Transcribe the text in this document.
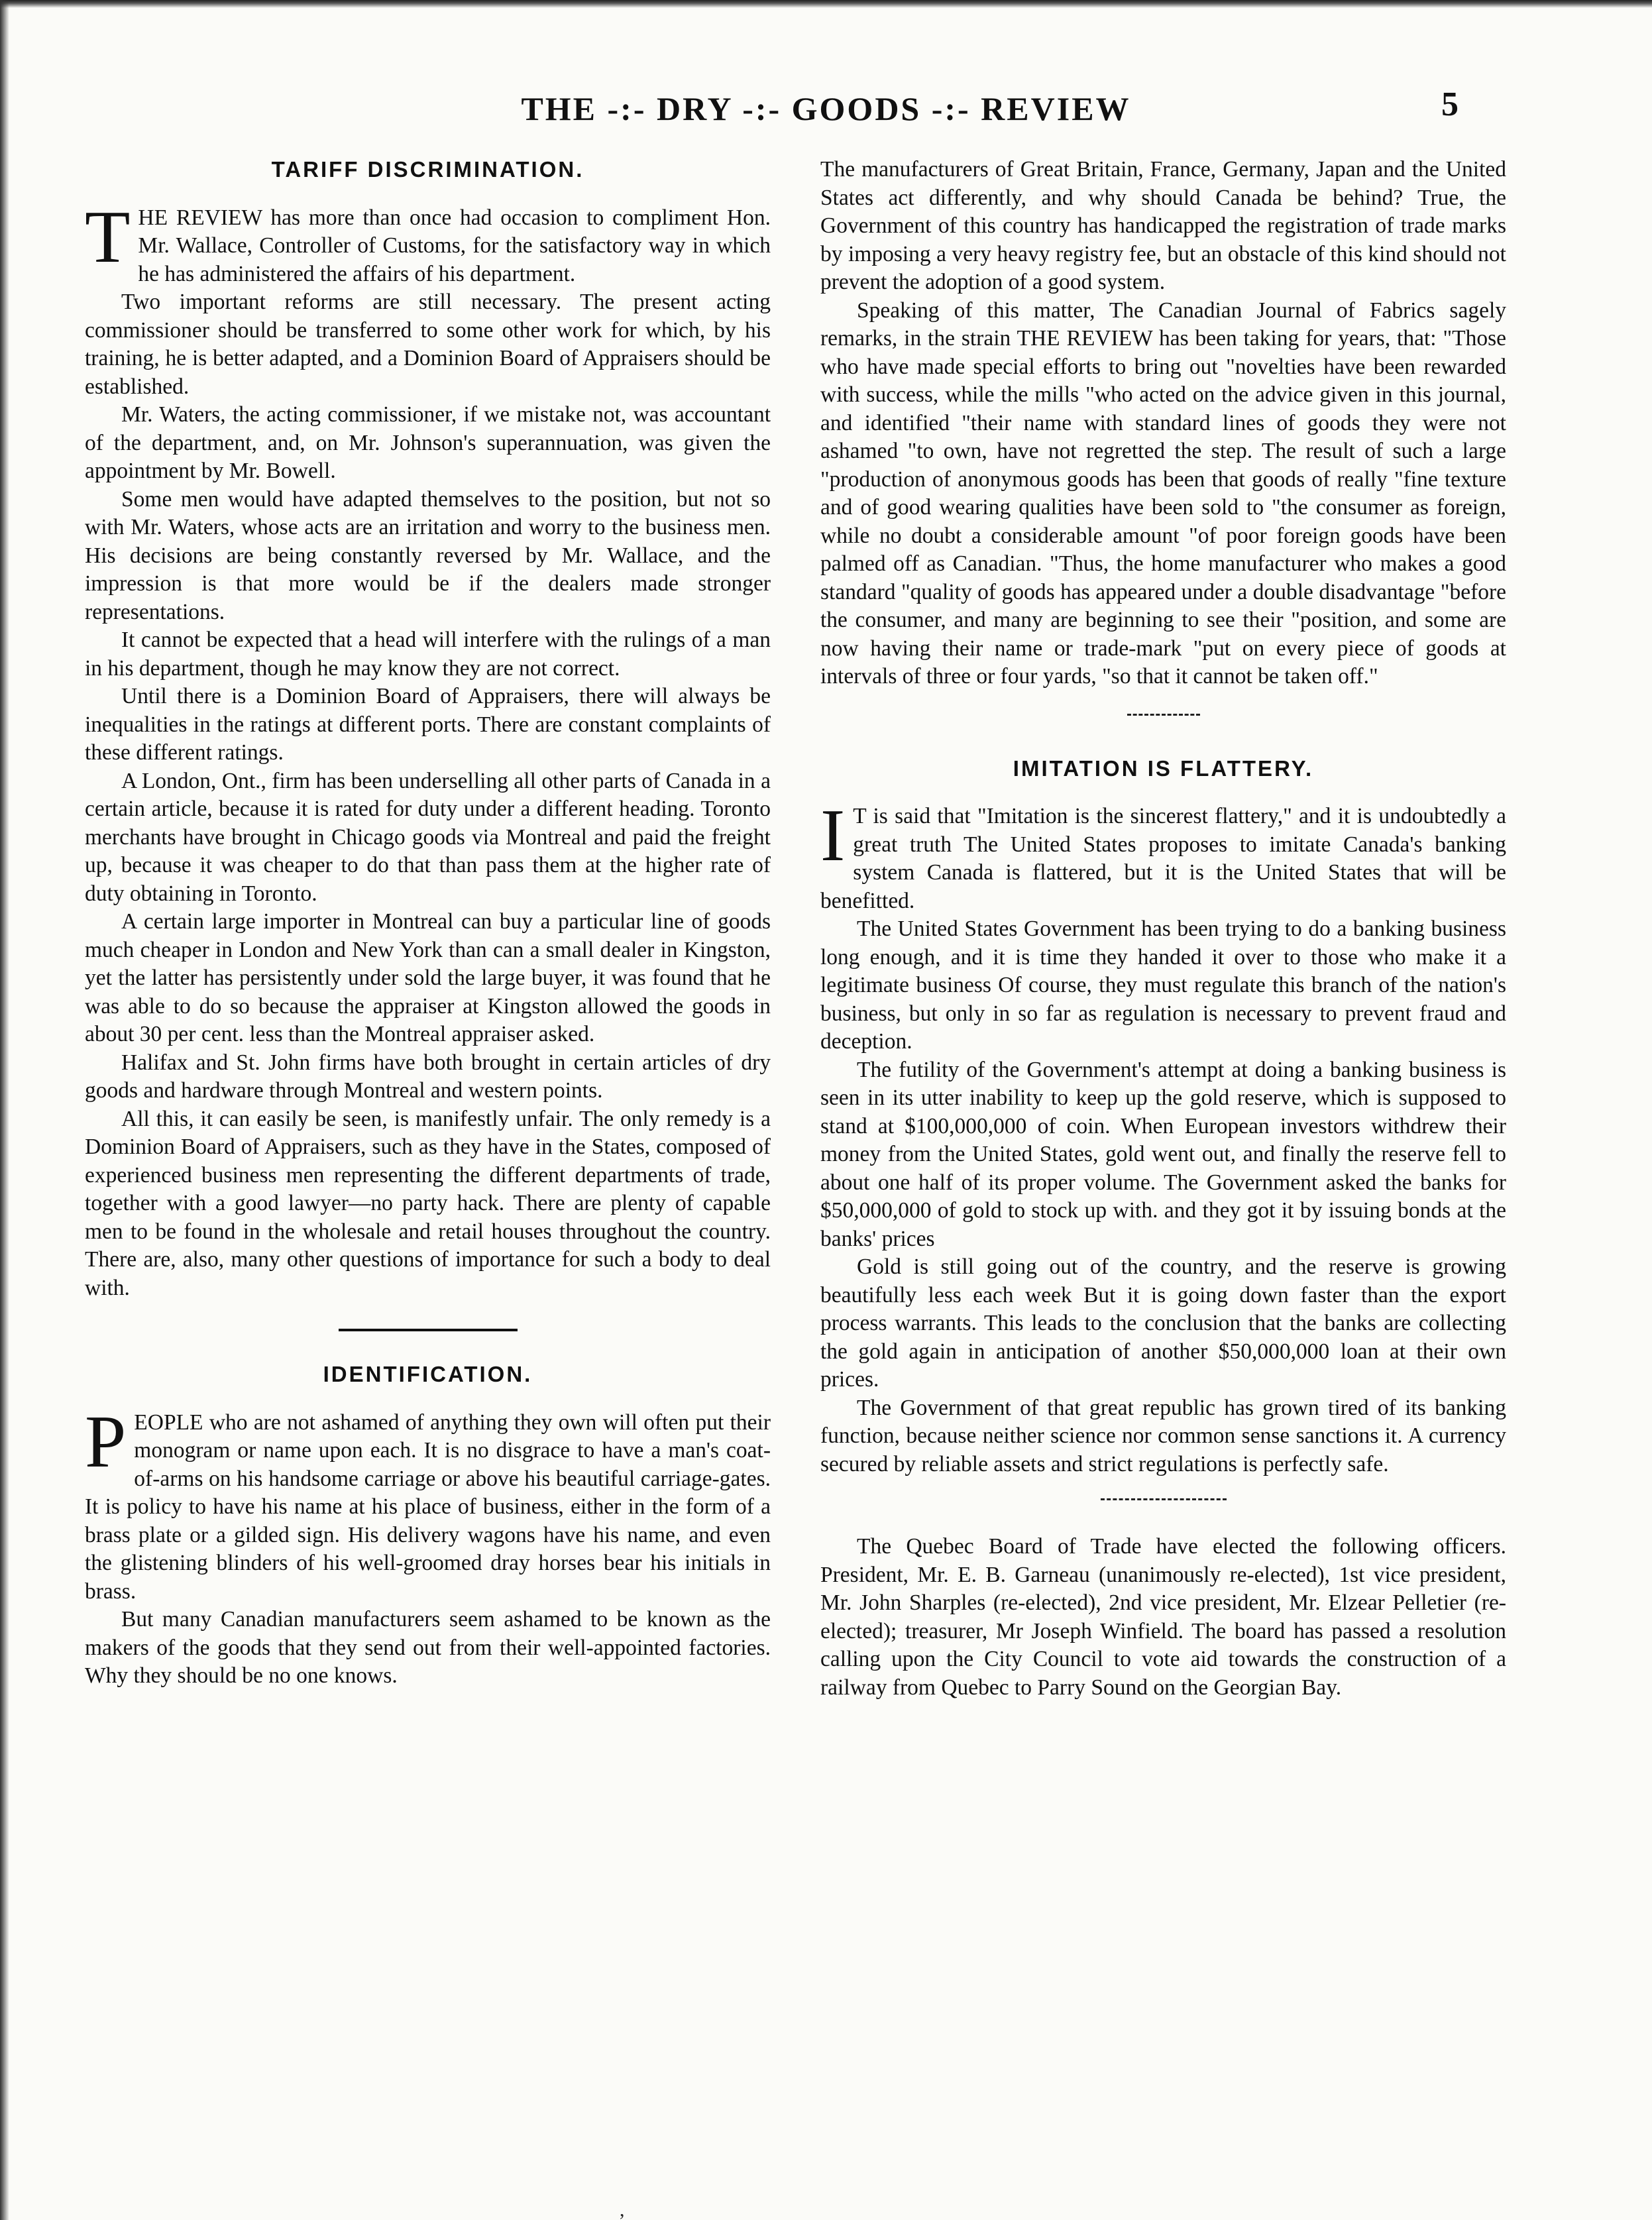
THE -:- DRY -:- GOODS -:- REVIEW	5
TARIFF DISCRIMINATION.

THE REVIEW has more than once had occasion to compliment Hon. Mr. Wallace, Controller of Customs, for the satisfactory way in which he has administered the affairs of his department.

Two important reforms are still necessary. The present acting commissioner should be transferred to some other work for which, by his training, he is better adapted, and a Dominion Board of Appraisers should be established.

Mr. Waters, the acting commissioner, if we mistake not, was accountant of the department, and, on Mr. Johnson's superannuation, was given the appointment by Mr. Bowell.

Some men would have adapted themselves to the position, but not so with Mr. Waters, whose acts are an irritation and worry to the business men. His decisions are being constantly reversed by Mr. Wallace, and the impression is that more would be if the dealers made stronger representations.

It cannot be expected that a head will interfere with the rulings of a man in his department, though he may know they are not correct.

Until there is a Dominion Board of Appraisers, there will always be inequalities in the ratings at different ports. There are constant complaints of these different ratings.

A London, Ont., firm has been underselling all other parts of Canada in a certain article, because it is rated for duty under a different heading. Toronto merchants have brought in Chicago goods via Montreal and paid the freight up, because it was cheaper to do that than pass them at the higher rate of duty obtaining in Toronto.

A certain large importer in Montreal can buy a particular line of goods much cheaper in London and New York than can a small dealer in Kingston, yet the latter has persistently under sold the large buyer, it was found that he was able to do so because the appraiser at Kingston allowed the goods in about 30 per cent. less than the Montreal appraiser asked.

Halifax and St. John firms have both brought in certain articles of dry goods and hardware through Montreal and western points.

All this, it can easily be seen, is manifestly unfair. The only remedy is a Dominion Board of Appraisers, such as they have in the States, composed of experienced business men representing the different departments of trade, together with a good lawyer—no party hack. There are plenty of capable men to be found in the wholesale and retail houses throughout the country. There are, also, many other questions of importance for such a body to deal with.

IDENTIFICATION.

PEOPLE who are not ashamed of anything they own will often put their monogram or name upon each. It is no disgrace to have a man's coat-of-arms on his handsome carriage or above his beautiful carriage-gates. It is policy to have his name at his place of business, either in the form of a brass plate or a gilded sign. His delivery wagons have his name, and even the glistening blinders of his well-groomed dray horses bear his initials in brass.

But many Canadian manufacturers seem ashamed to be known as the makers of the goods that they send out from their well-appointed factories. Why they should be no one knows.

The manufacturers of Great Britain, France, Germany, Japan and the United States act differently, and why should Canada be behind? True, the Government of this country has handicapped the registration of trade marks by imposing a very heavy registry fee, but an obstacle of this kind should not prevent the adoption of a good system.

Speaking of this matter, The Canadian Journal of Fabrics sagely remarks, in the strain THE REVIEW has been taking for years, that: "Those who have made special efforts to bring out "novelties have been rewarded with success, while the mills "who acted on the advice given in this journal, and identified "their name with standard lines of goods they were not ashamed "to own, have not regretted the step. The result of such a large "production of anonymous goods has been that goods of really "fine texture and of good wearing qualities have been sold to "the consumer as foreign, while no doubt a considerable amount "of poor foreign goods have been palmed off as Canadian. "Thus, the home manufacturer who makes a good standard "quality of goods has appeared under a double disadvantage "before the consumer, and many are beginning to see their "position, and some are now having their name or trade-mark "put on every piece of goods at intervals of three or four yards, "so that it cannot be taken off."

IMITATION IS FLATTERY.

I T is said that "Imitation is the sincerest flattery," and it is undoubtedly a great truth The United States proposes to imitate Canada's banking system Canada is flattered, but it is the United States that will be benefitted.

The United States Government has been trying to do a banking business long enough, and it is time they handed it over to those who make it a legitimate business Of course, they must regulate this branch of the nation's business, but only in so far as regulation is necessary to prevent fraud and deception.

The futility of the Government's attempt at doing a banking business is seen in its utter inability to keep up the gold reserve, which is supposed to stand at $100,000,000 of coin. When European investors withdrew their money from the United States, gold went out, and finally the reserve fell to about one half of its proper volume. The Government asked the banks for $50,000,000 of gold to stock up with. and they got it by issuing bonds at the banks' prices

Gold is still going out of the country, and the reserve is growing beautifully less each week But it is going down faster than the export process warrants. This leads to the conclusion that the banks are collecting the gold again in anticipation of another $50,000,000 loan at their own prices.

The Government of that great republic has grown tired of its banking function, because neither science nor common sense sanctions it. A currency secured by reliable assets and strict regulations is perfectly safe.

The Quebec Board of Trade have elected the following officers. President, Mr. E. B. Garneau (unanimously re-elected), 1st vice president, Mr. John Sharples (re-elected), 2nd vice president, Mr. Elzear Pelletier (re-elected); treasurer, Mr Joseph Winfield. The board has passed a resolution calling upon the City Council to vote aid towards the construction of a railway from Quebec to Parry Sound on the Georgian Bay.

,
